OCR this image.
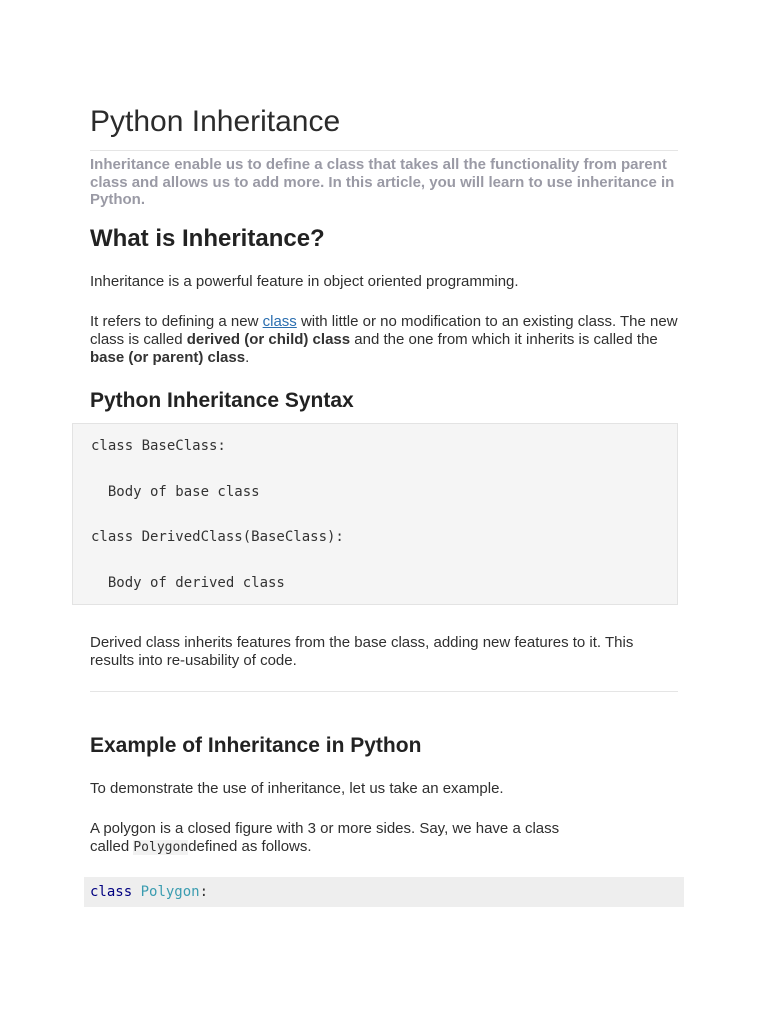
Python Inheritance

Inheritance enable us to define a class that takes all the functionality from parent class and allows us to add more. In this article, you will learn to use inheritance in Python.

What is Inheritance?

Inheritance is a powerful feature in object oriented programming.

It refers to defining a new class with little or no modification to an existing class. The new class is called derived (or child) class and the one from which it inherits is called the base (or parent) class.

Python Inheritance Syntax
class BaseClass:
Body of base class
class DerivedClass(BaseClass):
Body of derived class

Derived class inherits features from the base class, adding new features to it. This results into re-usability of code.

Example of Inheritance in Python

To demonstrate the use of inheritance, let us take an example.

A polygon is a closed figure with 3 or more sides. Say, we have a class called Polygondefined as follows.

class Polygon:
